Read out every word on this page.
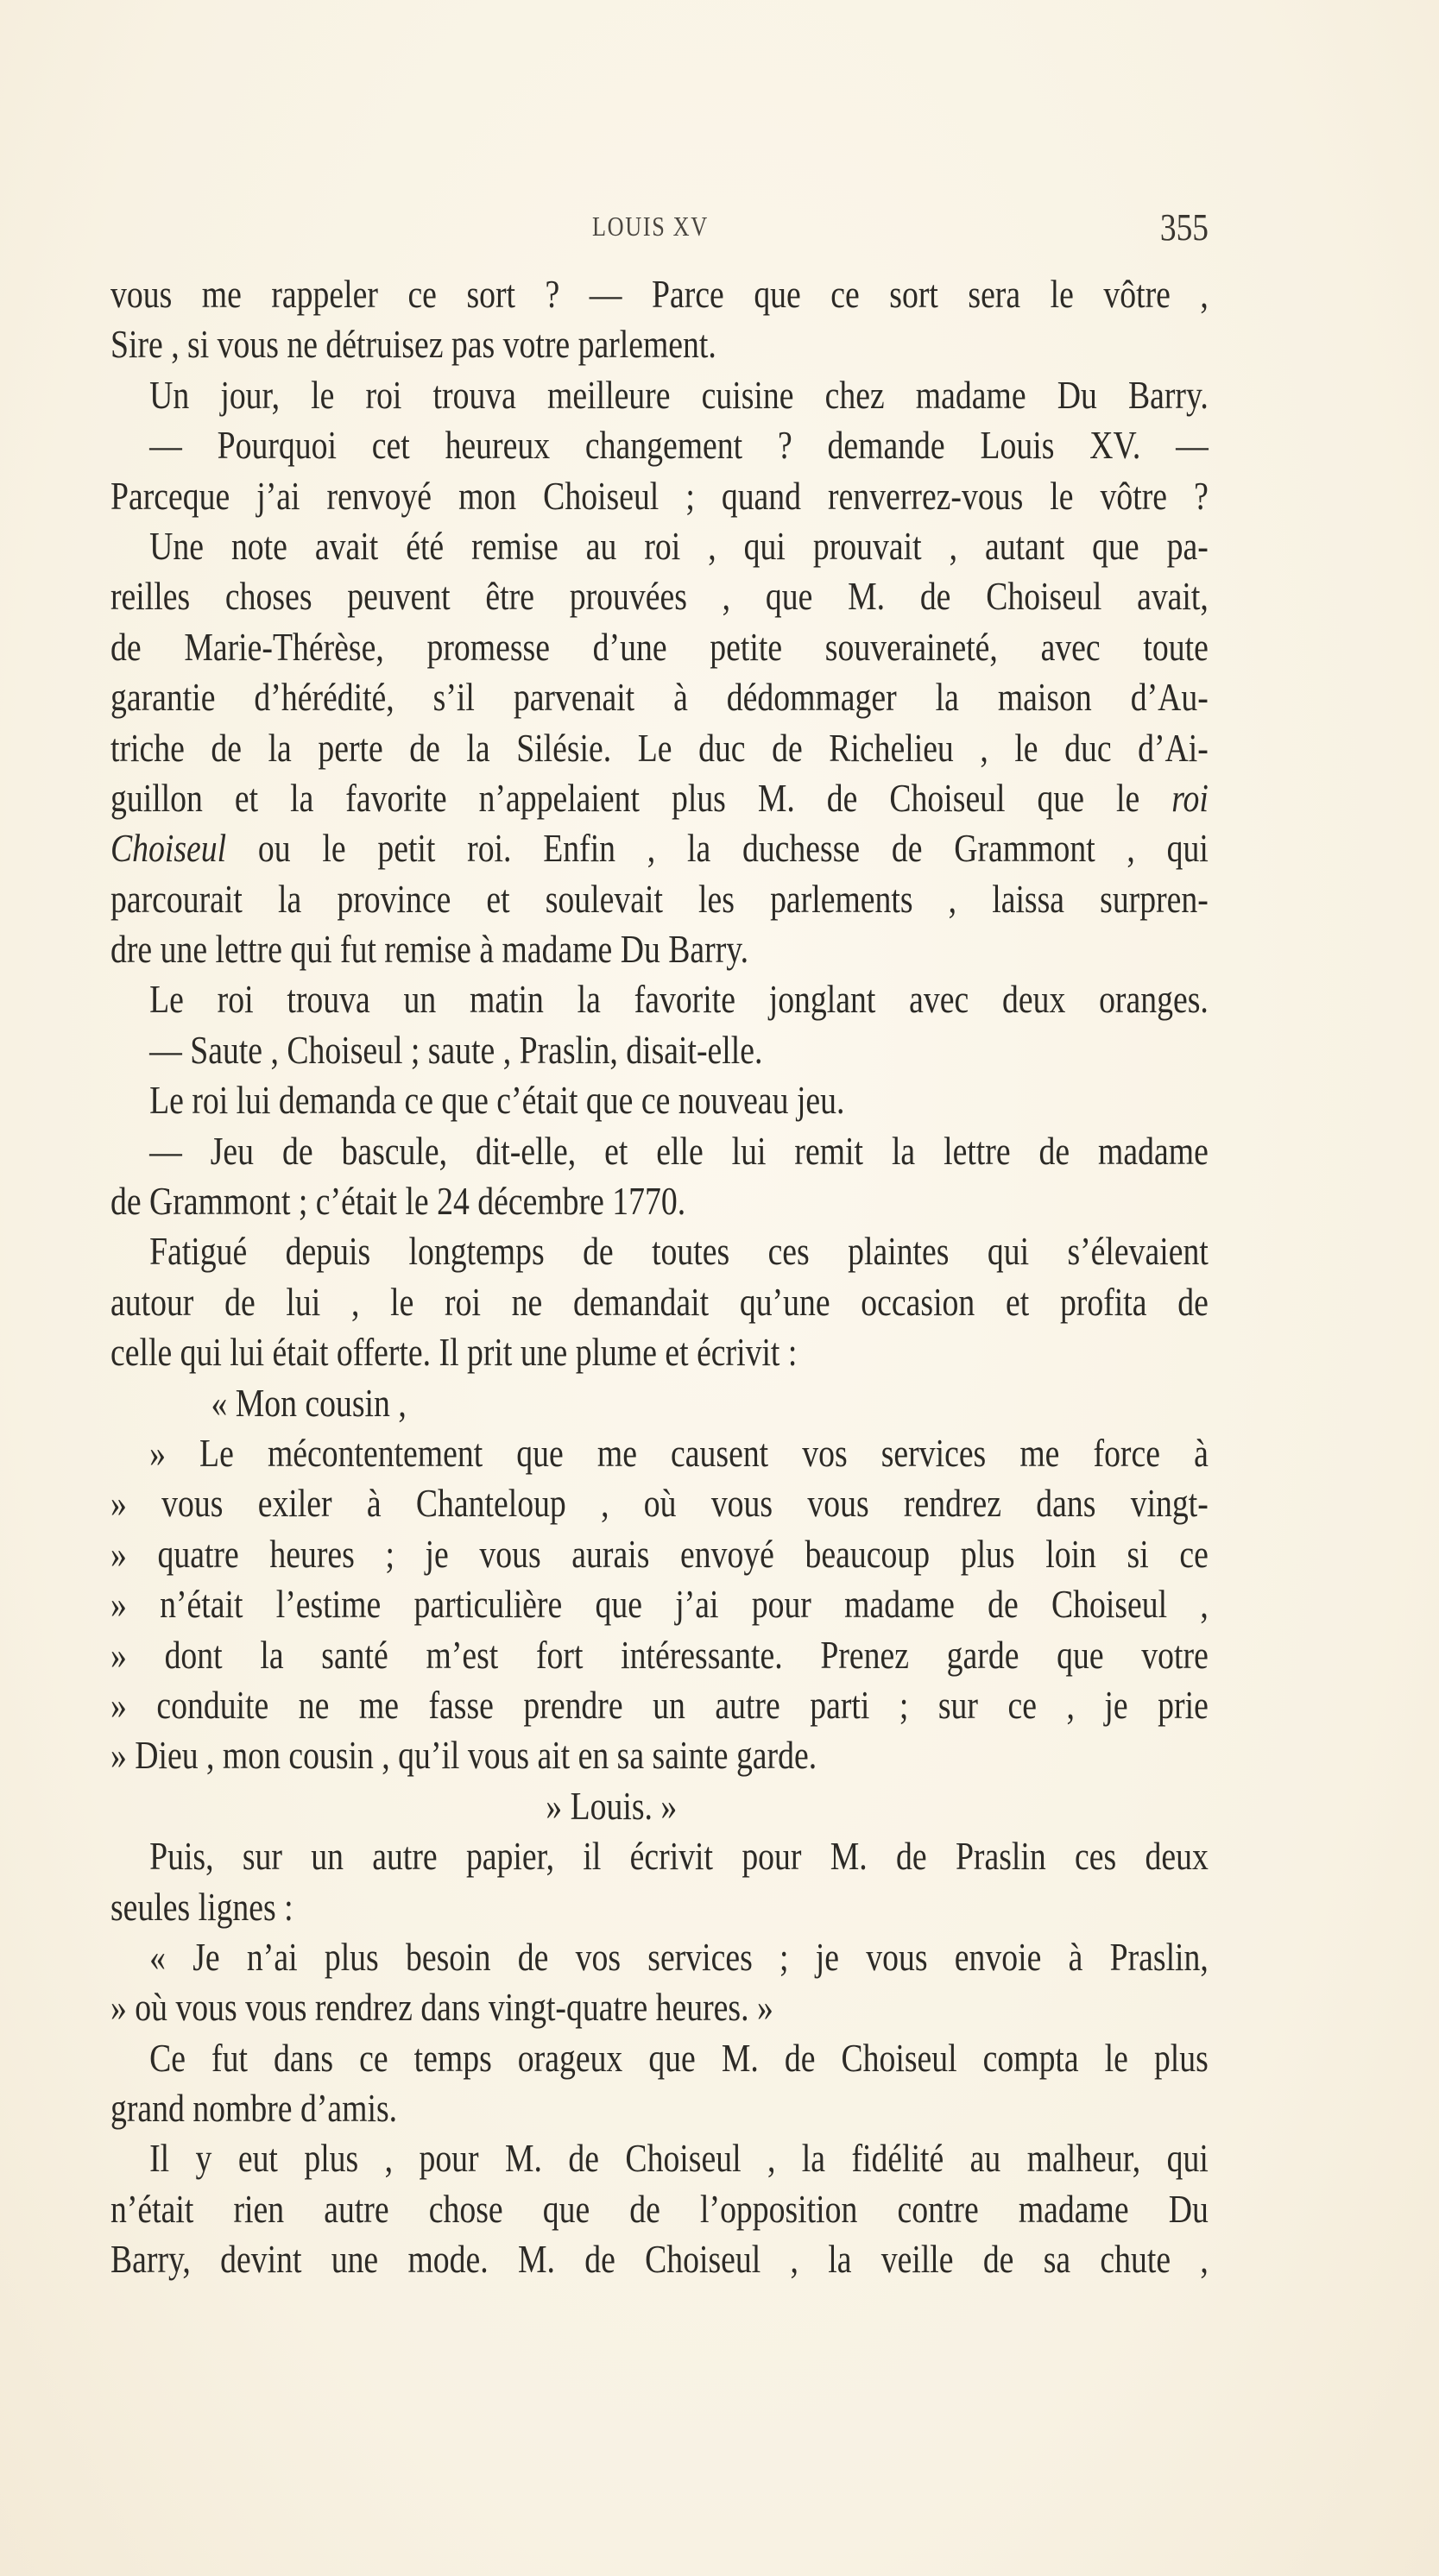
LOUIS XV	355
vous me rappeler ce sort ? — Parce que ce sort sera le vôtre ,
Sire , si vous ne détruisez pas votre parlement.
Un jour, le roi trouva meilleure cuisine chez madame Du Barry.
— Pourquoi cet heureux changement ? demande Louis XV. —
Parceque j’ai renvoyé mon Choiseul ; quand renverrez-vous le vôtre ?
Une note avait été remise au roi , qui prouvait , autant que pa-
reilles choses peuvent être prouvées , que M. de Choiseul avait,
de Marie-Thérèse, promesse d’une petite souveraineté, avec toute
garantie d’hérédité, s’il parvenait à dédommager la maison d’Au-
triche de la perte de la Silésie. Le duc de Richelieu , le duc d’Ai-
guillon et la favorite n’appelaient plus M. de Choiseul que le roi
Choiseul ou le petit roi. Enfin , la duchesse de Grammont , qui
parcourait la province et soulevait les parlements , laissa surpren-
dre une lettre qui fut remise à madame Du Barry.
Le roi trouva un matin la favorite jonglant avec deux oranges.
— Saute , Choiseul ; saute , Praslin, disait-elle.
Le roi lui demanda ce que c’était que ce nouveau jeu.
— Jeu de bascule, dit-elle, et elle lui remit la lettre de madame
de Grammont ; c’était le 24 décembre 1770.
Fatigué depuis longtemps de toutes ces plaintes qui s’élevaient
autour de lui , le roi ne demandait qu’une occasion et profita de
celle qui lui était offerte. Il prit une plume et écrivit :
« Mon cousin ,
» Le mécontentement que me causent vos services me force à
» vous exiler à Chanteloup , où vous vous rendrez dans vingt-
» quatre heures ; je vous aurais envoyé beaucoup plus loin si ce
» n’était l’estime particulière que j’ai pour madame de Choiseul ,
» dont la santé m’est fort intéressante. Prenez garde que votre
» conduite ne me fasse prendre un autre parti ; sur ce , je prie
» Dieu , mon cousin , qu’il vous ait en sa sainte garde.
» Louis. »
Puis, sur un autre papier, il écrivit pour M. de Praslin ces deux
seules lignes :
« Je n’ai plus besoin de vos services ; je vous envoie à Praslin,
» où vous vous rendrez dans vingt-quatre heures. »
Ce fut dans ce temps orageux que M. de Choiseul compta le plus
grand nombre d’amis.
Il y eut plus , pour M. de Choiseul , la fidélité au malheur, qui
n’était rien autre chose que de l’opposition contre madame Du
Barry, devint une mode. M. de Choiseul , la veille de sa chute ,
